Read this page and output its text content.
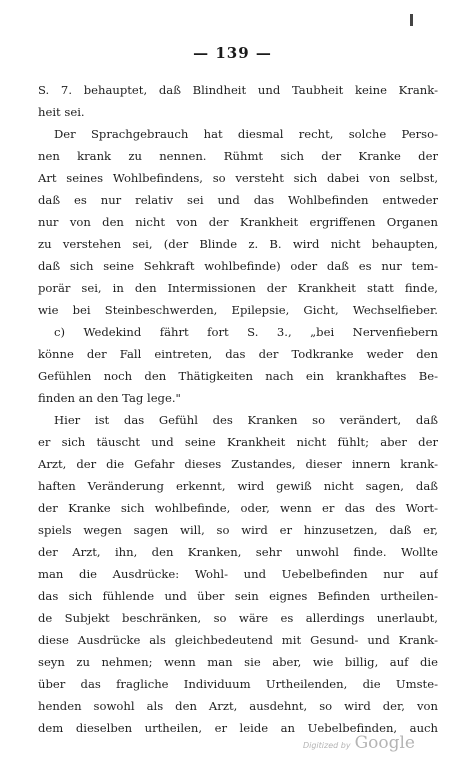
— 139 —
S. 7. behauptet, daß Blindheit und Taubheit keine Krank-
heit sei.
Der Sprachgebrauch hat diesmal recht, solche Perso-
nen krank zu nennen. Rühmt sich der Kranke der
Art seines Wohlbefindens, so versteht sich dabei von selbst,
daß es nur relativ sei und das Wohlbefinden entweder
nur von den nicht von der Krankheit ergriffenen Organen
zu verstehen sei, (der Blinde z. B. wird nicht behaupten,
daß sich seine Sehkraft wohlbefinde) oder daß es nur tem-
porär sei, in den Intermissionen der Krankheit statt finde,
wie bei Steinbeschwerden, Epilepsie, Gicht, Wechselfieber.
c) Wedekind fährt fort S. 3., „bei Nervenfiebern
könne der Fall eintreten, das der Todkranke weder den
Gefühlen noch den Thätigkeiten nach ein krankhaftes Be-
finden an den Tag lege."
Hier ist das Gefühl des Kranken so verändert, daß
er sich täuscht und seine Krankheit nicht fühlt; aber der
Arzt, der die Gefahr dieses Zustandes, dieser innern krank-
haften Veränderung erkennt, wird gewiß nicht sagen, daß
der Kranke sich wohlbefinde, oder, wenn er das des Wort-
spiels wegen sagen will, so wird er hinzusetzen, daß er,
der Arzt, ihn, den Kranken, sehr unwohl finde. Wollte
man die Ausdrücke: Wohl- und Uebelbefinden nur auf
das sich fühlende und über sein eignes Befinden urtheilen-
de Subjekt beschränken, so wäre es allerdings unerlaubt,
diese Ausdrücke als gleichbedeutend mit Gesund- und Krank-
seyn zu nehmen; wenn man sie aber, wie billig, auf die
über das fragliche Individuum Urtheilenden, die Umste-
henden sowohl als den Arzt, ausdehnt, so wird der, von
dem dieselben urtheilen, er leide an Uebelbefinden, auch
Digitized by Google
